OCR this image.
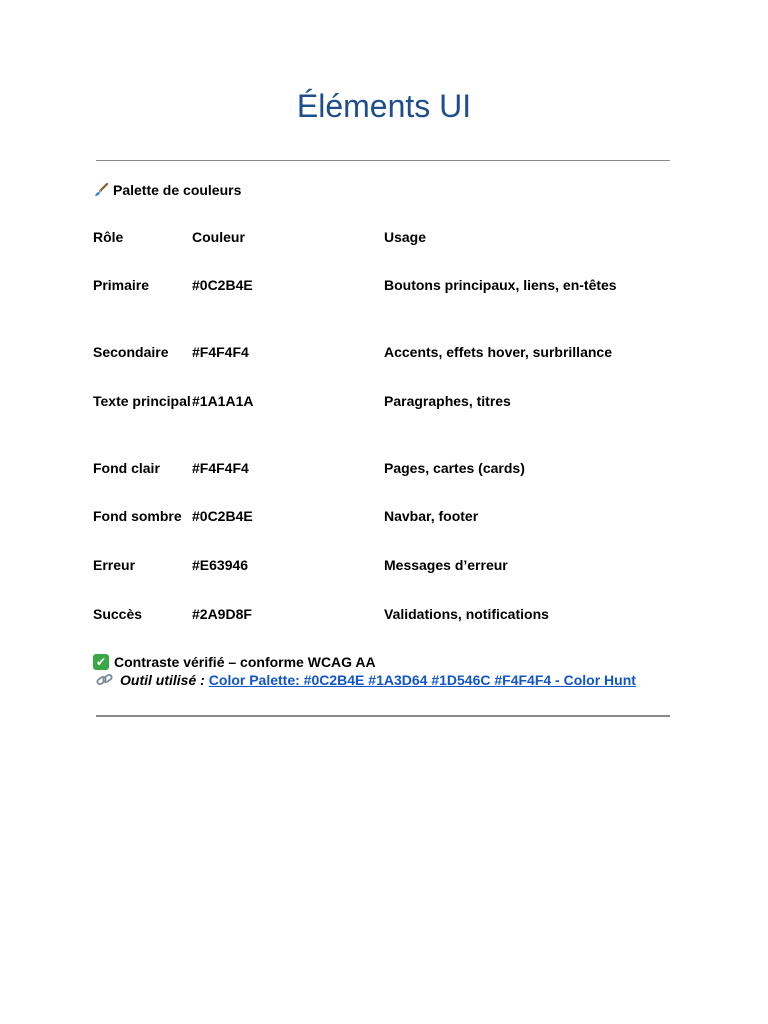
Éléments UI
Palette de couleurs
Rôle	Couleur	Usage
Primaire	#0C2B4E	Boutons principaux, liens, en-têtes
Secondaire	#F4F4F4	Accents, effets hover, surbrillance
Texte principal #1A1A1A	Paragraphes, titres
Fond clair	#F4F4F4	Pages, cartes (cards)
Fond sombre #0C2B4E	Navbar, footer
Erreur	#E63946	Messages d’erreur
Succès	#2A9D8F	Validations, notifications
✔ Contraste vérifié – conforme WCAG AA
Outil utilisé : Color Palette: #0C2B4E #1A3D64 #1D546C #F4F4F4 - Color Hunt
